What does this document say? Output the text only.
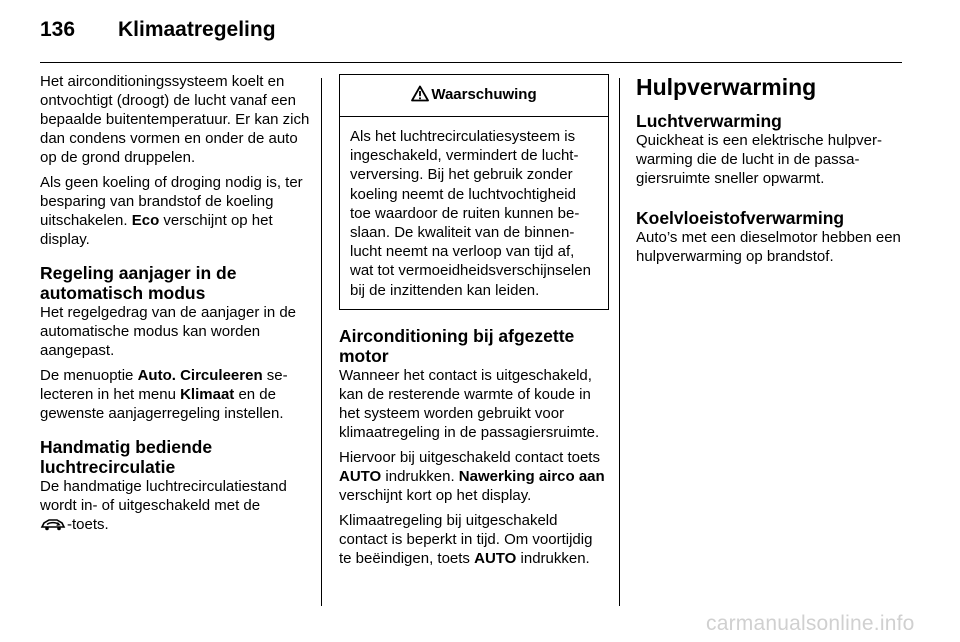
136 Klimaatregeling

Het airconditioningssysteem koelt en ontvochtigt (droogt) de lucht vanaf een bepaalde buitentemperatuur. Er kan zich dan condens vormen en onder de auto op de grond druppelen.

Als geen koeling of droging nodig is, ter besparing van brandstof de koeling uitschakelen. Eco verschijnt op het display.

Regeling aanjager in de automatisch modus

Het regelgedrag van de aanjager in de automatische modus kan worden aangepast.

De menuoptie Auto. Circuleeren selecteren in het menu Klimaat en de gewenste aanjagerregeling instellen.

Handmatig bediende luchtrecirculatie

De handmatige luchtrecirculatiestand wordt in- of uitgeschakeld met de
-toets.

Waarschuwing
Als het luchtrecirculatiesysteem is ingeschakeld, vermindert de luchtverversing. Bij het gebruik zonder koeling neemt de luchtvochtigheid toe waardoor de ruiten kunnen beslaan. De kwaliteit van de binnenlucht neemt na verloop van tijd af, wat tot vermoeidheidsverschijnselen bij de inzittenden kan leiden.
Airconditioning bij afgezette motor

Wanneer het contact is uitgeschakeld, kan de resterende warmte of koude in het systeem worden gebruikt voor klimaatregeling in de passagiersruimte.

Hiervoor bij uitgeschakeld contact toets AUTO indrukken. Nawerking airco aan verschijnt kort op het display.

Klimaatregeling bij uitgeschakeld contact is beperkt in tijd. Om voortijdig te beëindigen, toets AUTO indrukken.

Hulpverwarming
Luchtverwarming

Quickheat is een elektrische hulpverwarming die de lucht in de passagiersruimte sneller opwarmt.

Koelvloeistofverwarming

Auto’s met een dieselmotor hebben een hulpverwarming op brandstof.

carmanualsonline.info
